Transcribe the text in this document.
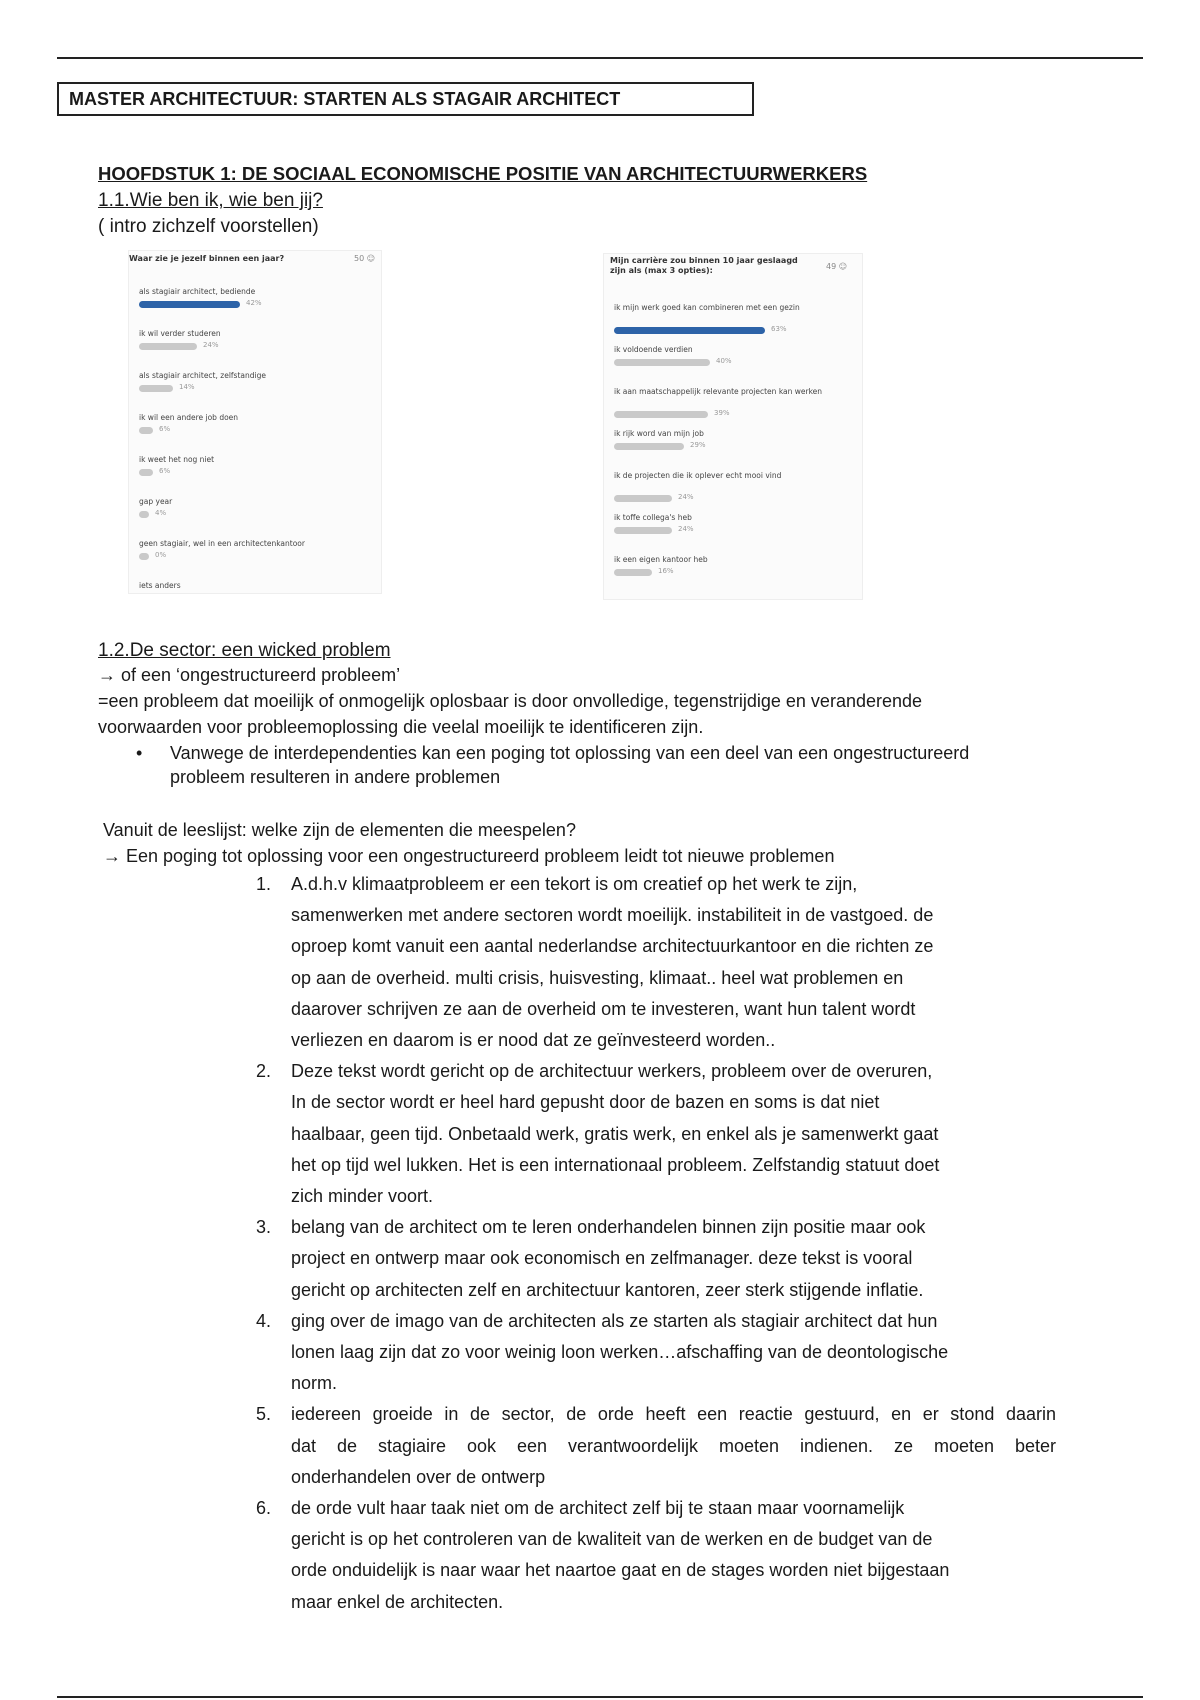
MASTER ARCHITECTUUR: STARTEN ALS STAGAIR ARCHITECT
HOOFDSTUK 1: DE SOCIAAL ECONOMISCHE POSITIE VAN ARCHITECTUURWERKERS
1.1.Wie ben ik, wie ben jij?
( intro zichzelf voorstellen)
Waar zie je jezelf binnen een jaar?	50 ☺
als stagiair architect, bediende
42%
ik wil verder studeren
24%
als stagiair architect, zelfstandige
14%
ik wil een andere job doen
6%
ik weet het nog niet
6%
gap year
4%
geen stagiair, wel in een architectenkantoor
0%
iets anders
Mijn carrière zou binnen 10 jaar geslaagd zijn als (max 3 opties):	49 ☺
ik mijn werk goed kan combineren met een gezin
63%
ik voldoende verdien
40%
ik aan maatschappelijk relevante projecten kan werken
39%
ik rijk word van mijn job
29%
ik de projecten die ik oplever echt mooi vind
24%
ik toffe collega's heb
24%
ik een eigen kantoor heb
16%
1.2.De sector: een wicked problem
→ of een ‘ongestructureerd probleem’
=een probleem dat moeilijk of onmogelijk oplosbaar is door onvolledige, tegenstrijdige en veranderende
voorwaarden voor probleemoplossing die veelal moeilijk te identificeren zijn.
• Vanwege de interdependenties kan een poging tot oplossing van een deel van een ongestructureerd
probleem resulteren in andere problemen
Vanuit de leeslijst: welke zijn de elementen die meespelen?
→ Een poging tot oplossing voor een ongestructureerd probleem leidt tot nieuwe problemen
1. A.d.h.v klimaatprobleem er een tekort is om creatief op het werk te zijn,
samenwerken met andere sectoren wordt moeilijk. instabiliteit in de vastgoed. de
oproep komt vanuit een aantal nederlandse architectuurkantoor en die richten ze
op aan de overheid. multi crisis, huisvesting, klimaat.. heel wat problemen en
daarover schrijven ze aan de overheid om te investeren, want hun talent wordt
verliezen en daarom is er nood dat ze geïnvesteerd worden..
2. Deze tekst wordt gericht op de architectuur werkers, probleem over de overuren,
In de sector wordt er heel hard gepusht door de bazen en soms is dat niet
haalbaar, geen tijd. Onbetaald werk, gratis werk, en enkel als je samenwerkt gaat
het op tijd wel lukken. Het is een internationaal probleem. Zelfstandig statuut doet
zich minder voort.
3. belang van de architect om te leren onderhandelen binnen zijn positie maar ook
project en ontwerp maar ook economisch en zelfmanager. deze tekst is vooral
gericht op architecten zelf en architectuur kantoren, zeer sterk stijgende inflatie.
4. ging over de imago van de architecten als ze starten als stagiair architect dat hun
lonen laag zijn dat zo voor weinig loon werken…afschaffing van de deontologische
norm.
5. iedereen groeide in de sector, de orde heeft een reactie gestuurd, en er stond daarin
dat de stagiaire ook een verantwoordelijk moeten indienen. ze moeten beter
onderhandelen over de ontwerp
6. de orde vult haar taak niet om de architect zelf bij te staan maar voornamelijk
gericht is op het controleren van de kwaliteit van de werken en de budget van de
orde onduidelijk is naar waar het naartoe gaat en de stages worden niet bijgestaan
maar enkel de architecten.
